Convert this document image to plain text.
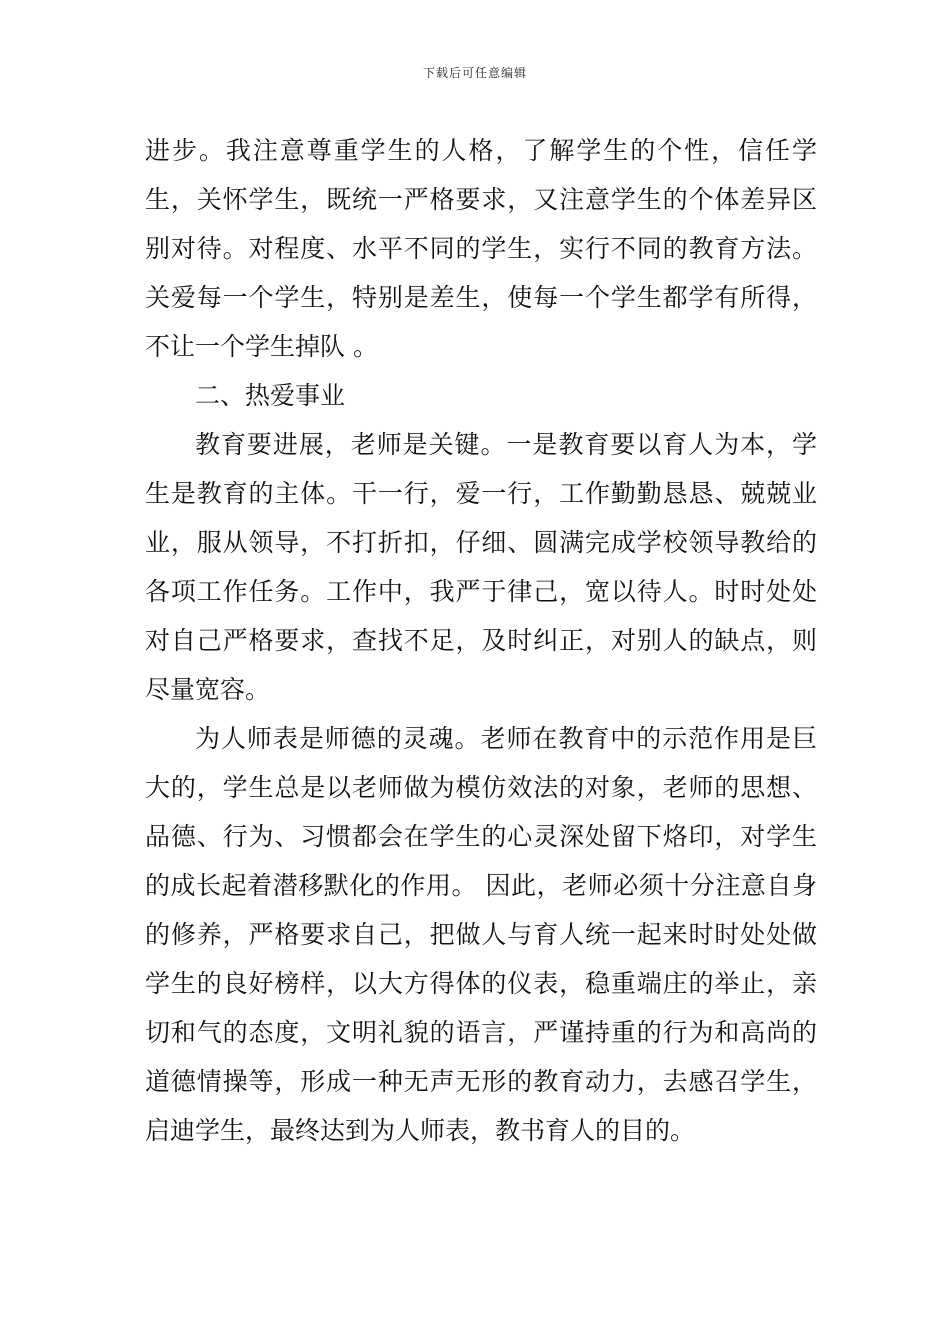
下载后可任意编辑

进步。我注意尊重学生的人格，了解学生的个性，信任学生，关怀学生，既统一严格要求，又注意学生的个体差异区别对待。对程度、水平不同的学生，实行不同的教育方法。关爱每一个学生，特别是差生，使每一个学生都学有所得，不让一个学生掉队 。

二、热爱事业

教育要进展，老师是关键。一是教育要以育人为本，学生是教育的主体。干一行，爱一行，工作勤勤恳恳、兢兢业业，服从领导，不打折扣，仔细、圆满完成学校领导教给的各项工作任务。工作中，我严于律己，宽以待人。时时处处对自己严格要求，查找不足，及时纠正，对别人的缺点，则尽量宽容。

为人师表是师德的灵魂。老师在教育中的示范作用是巨大的，学生总是以老师做为模仿效法的对象，老师的思想、品德、行为、习惯都会在学生的心灵深处留下烙印，对学生的成长起着潜移默化的作用。 因此，老师必须十分注意自身的修养，严格要求自己，把做人与育人统一起来时时处处做学生的良好榜样，以大方得体的仪表，稳重端庄的举止，亲切和气的态度，文明礼貌的语言，严谨持重的行为和高尚的道德情操等，形成一种无声无形的教育动力，去感召学生，启迪学生，最终达到为人师表，教书育人的目的。
